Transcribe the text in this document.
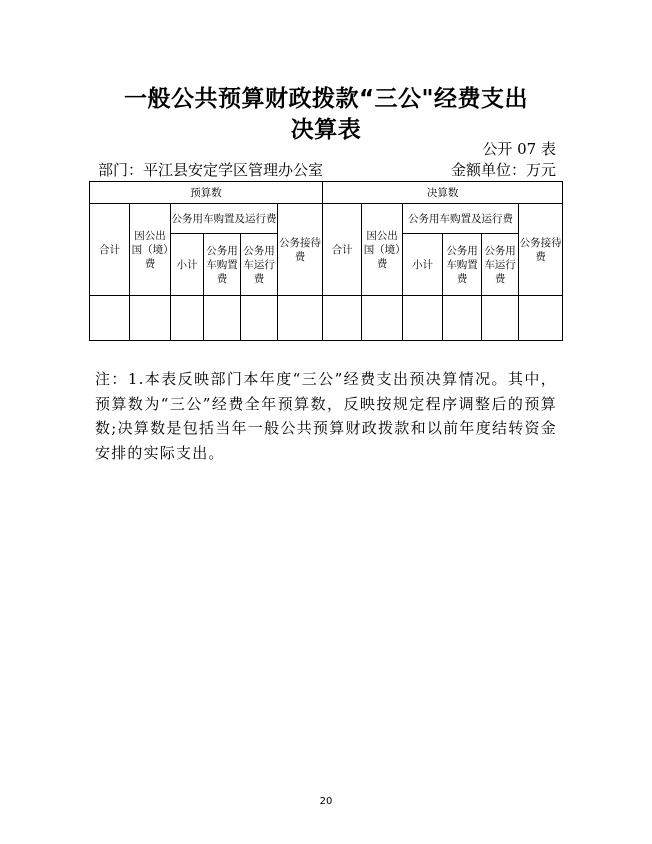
一般公共预算财政拨款“三公"经费支出
决算表
公开 07 表
部门：平江县安定学区管理办公室	金额单位：万元
预算数						决算数					
合计	因公出国（境）费	公务用车购置及运行费			公务接待费	合计	因公出国（境）费	公务用车购置及运行费			公务接待费
		小计	公务用车购置费	公务用车运行费				小计	公务用车购置费	公务用车运行费	

注：1.本表反映部门本年度“三公”经费支出预决算情况。其中，预算数为“三公”经费全年预算数，反映按规定程序调整后的预算数;决算数是包括当年一般公共预算财政拨款和以前年度结转资金安排的实际支出。
20
